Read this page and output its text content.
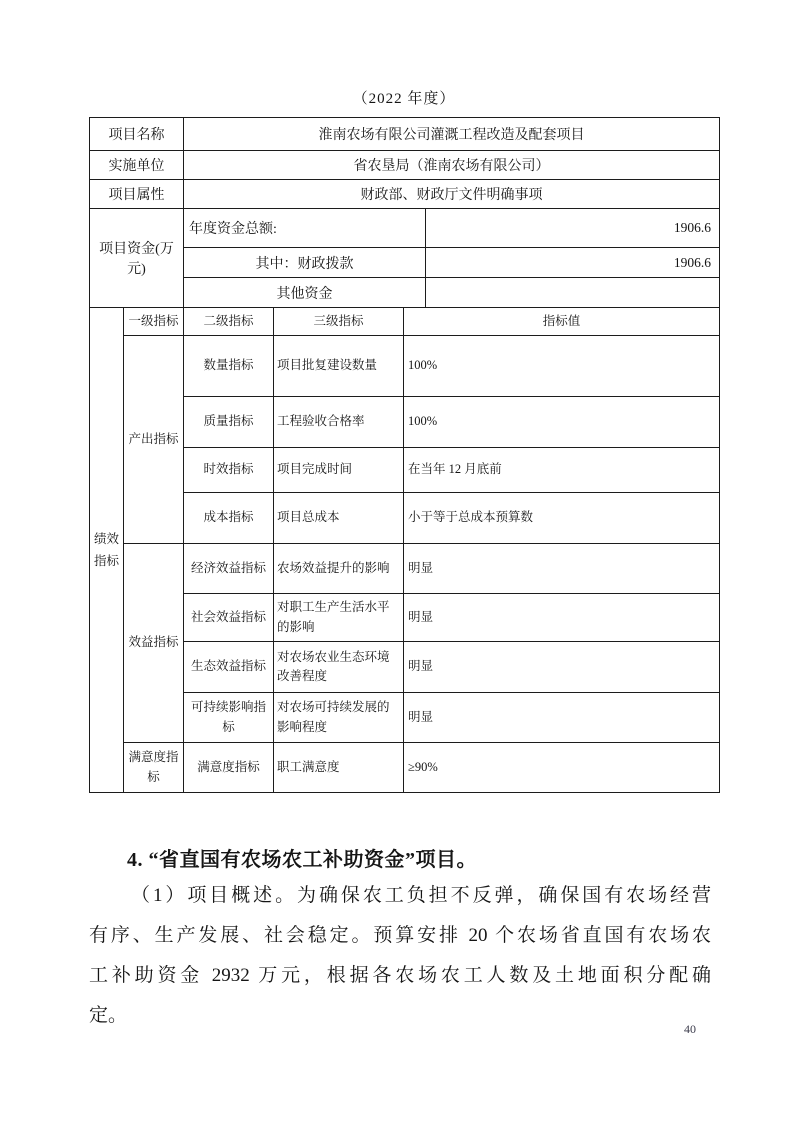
（2022 年度）
项目名称	淮南农场有限公司灌溉工程改造及配套项目
实施单位	省农垦局（淮南农场有限公司）
项目属性	财政部、财政厅文件明确事项
项目资金(万元)	年度资金总额:	1906.6
	其中：财政拨款	1906.6
	其他资金	
绩效指标	一级指标	二级指标	三级指标	指标值
	产出指标	数量指标	项目批复建设数量	100%
		质量指标	工程验收合格率	100%
		时效指标	项目完成时间	在当年 12 月底前
		成本指标	项目总成本	小于等于总成本预算数
	效益指标	经济效益指标	农场效益提升的影响	明显
		社会效益指标	对职工生产生活水平的影响	明显
		生态效益指标	对农场农业生态环境改善程度	明显
		可持续影响指标	对农场可持续发展的影响程度	明显
	满意度指标	满意度指标	职工满意度	≥90%
4. “省直国有农场农工补助资金”项目。
（1）项目概述。为确保农工负担不反弹，确保国有农场经营
有序、生产发展、社会稳定。预算安排 20 个农场省直国有农场农
工补助资金 2932 万元，根据各农场农工人数及土地面积分配确
定。
40
